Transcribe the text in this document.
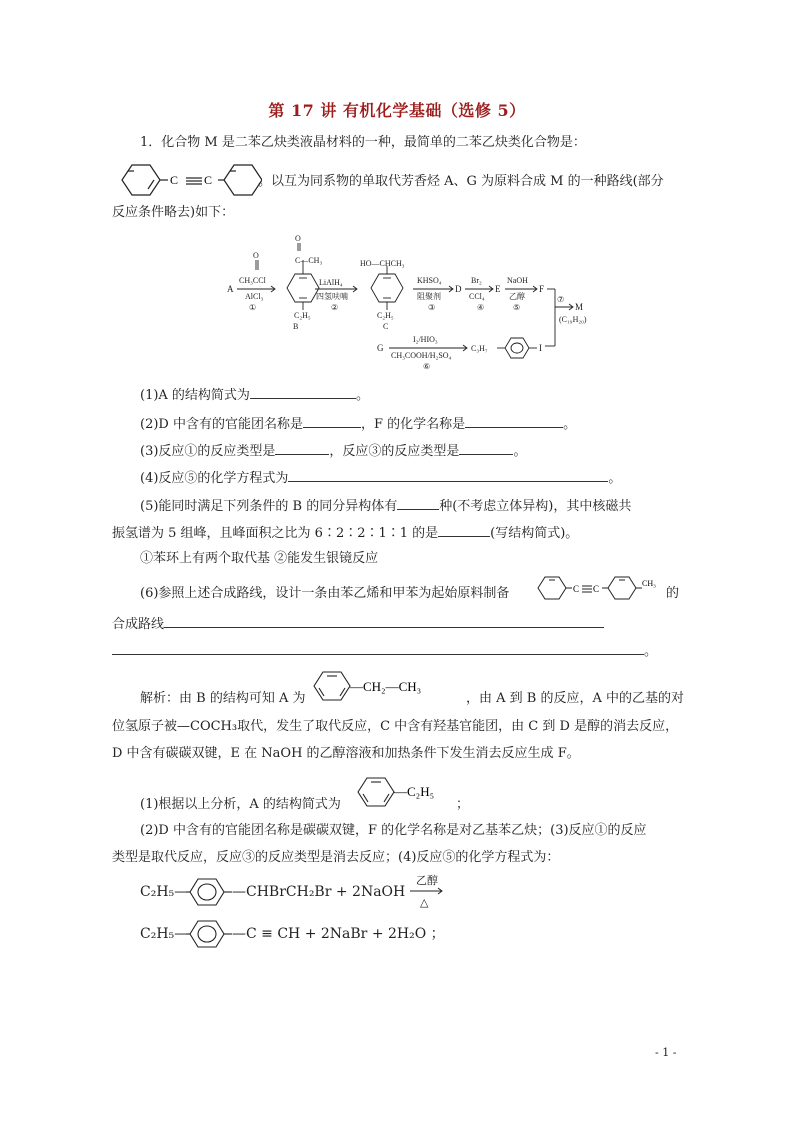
第 17 讲 有机化学基础（选修 5）
1．化合物 M 是二苯乙炔类液晶材料的一种，最简单的二苯乙炔类化合物是：
C C	。以互为同系物的单取代芳香烃 A、G 为原料合成 M 的一种路线(部分
反应条件略去)如下：
A
O
CH₃CCl
AlCl₃
①
O
C—CH₃
C₂H₅
B
LiAlH₄
四氢呋喃
②
HO—CHCH₃
C₂H₅
C
KHSO₄
阻聚剂
③
D
Br₂
CCl₄
④
E
NaOH
乙醇
⑤
F
⑦
M
(C₁₉H₂₀)
G
I₂/HIO₃
CH₃COOH/H₂SO₄
⑥
C₃H₇	I
(1)A 的结构简式为	。
(2)D 中含有的官能团名称是	，F 的化学名称是	。
(3)反应①的反应类型是	，反应③的反应类型是	。
(4)反应⑤的化学方程式为	。
(5)能同时满足下列条件的 B 的同分异构体有	种(不考虑立体异构)，其中核磁共
振氢谱为 5 组峰，且峰面积之比为 6∶2∶2∶1∶1 的是	(写结构简式)。
①苯环上有两个取代基 ②能发生银镜反应
(6)参照上述合成路线，设计一条由苯乙烯和甲苯为起始原料制备	C C
CH₃
的
合成路线
。
解析：由 B 的结构可知 A 为
—CH₂—CH₃
，由 A 到 B 的反应，A 中的乙基的对
位氢原子被—COCH₃取代，发生了取代反应，C 中含有羟基官能团，由 C 到 D 是醇的消去反应，
D 中含有碳碳双键，E 在 NaOH 的乙醇溶液和加热条件下发生消去反应生成 F。
(1)根据以上分析，A 的结构简式为
—C₂H₅
；
(2)D 中含有的官能团名称是碳碳双键，F 的化学名称是对乙基苯乙炔；(3)反应①的反应
类型是取代反应，反应③的反应类型是消去反应；(4)反应⑤的化学方程式为：
C₂H₅—	—CHBrCH₂Br + 2NaOH
乙醇
△
C₂H₅—	—C ≡ CH + 2NaBr + 2H₂O ；
- 1 -
